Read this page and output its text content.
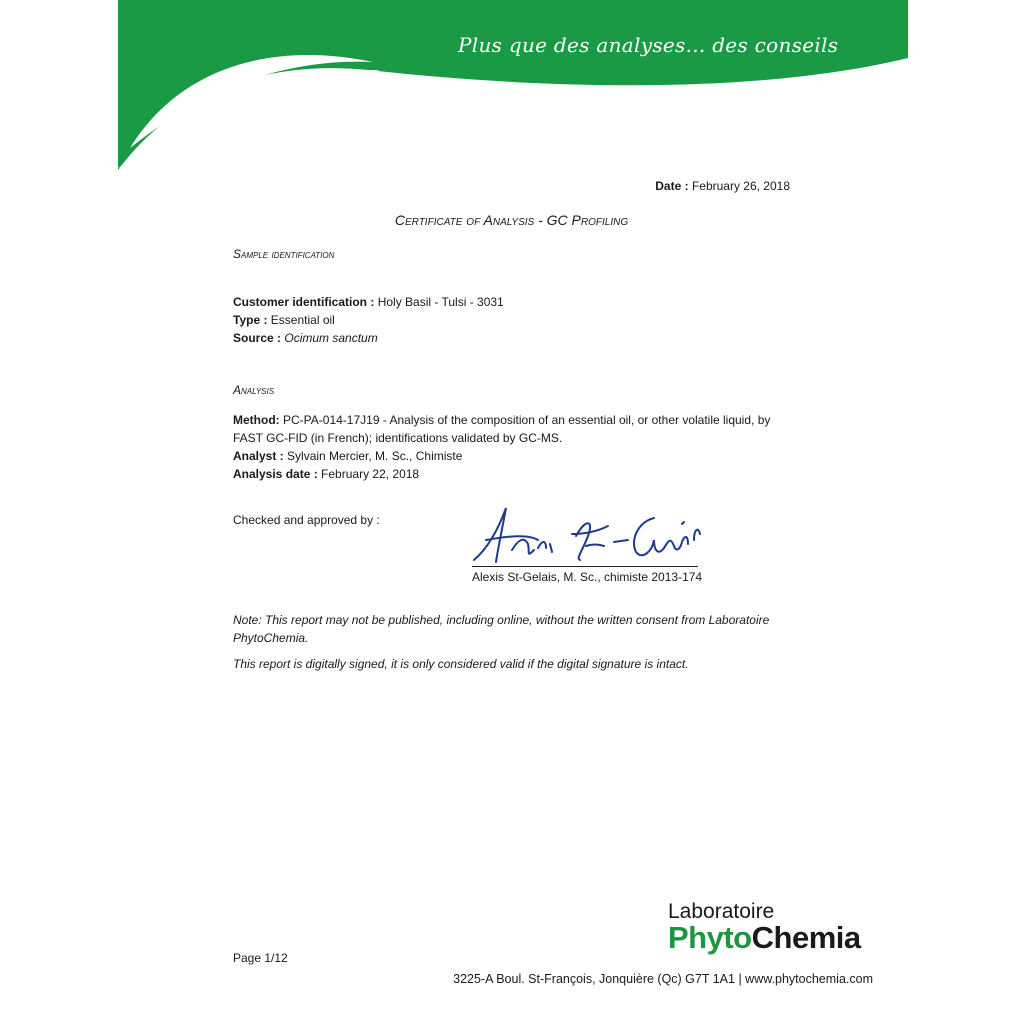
Plus que des analyses... des conseils
Date : February 26, 2018
Certificate of Analysis - GC Profiling
Sample identification
Customer identification : Holy Basil - Tulsi - 3031
Type : Essential oil
Source : Ocimum sanctum
Analysis
Method: PC-PA-014-17J19 - Analysis of the composition of an essential oil, or other volatile liquid, by FAST GC-FID (in French); identifications validated by GC-MS.
Analyst : Sylvain Mercier, M. Sc., Chimiste
Analysis date : February 22, 2018
Checked and approved by :
Alexis St-Gelais, M. Sc., chimiste 2013-174
Note: This report may not be published, including online, without the written consent from Laboratoire PhytoChemia.
This report is digitally signed, it is only considered valid if the digital signature is intact.
Page 1/12
Laboratoire
PhytoChemia
3225-A Boul. St-François, Jonquière (Qc) G7T 1A1 | www.phytochemia.com
